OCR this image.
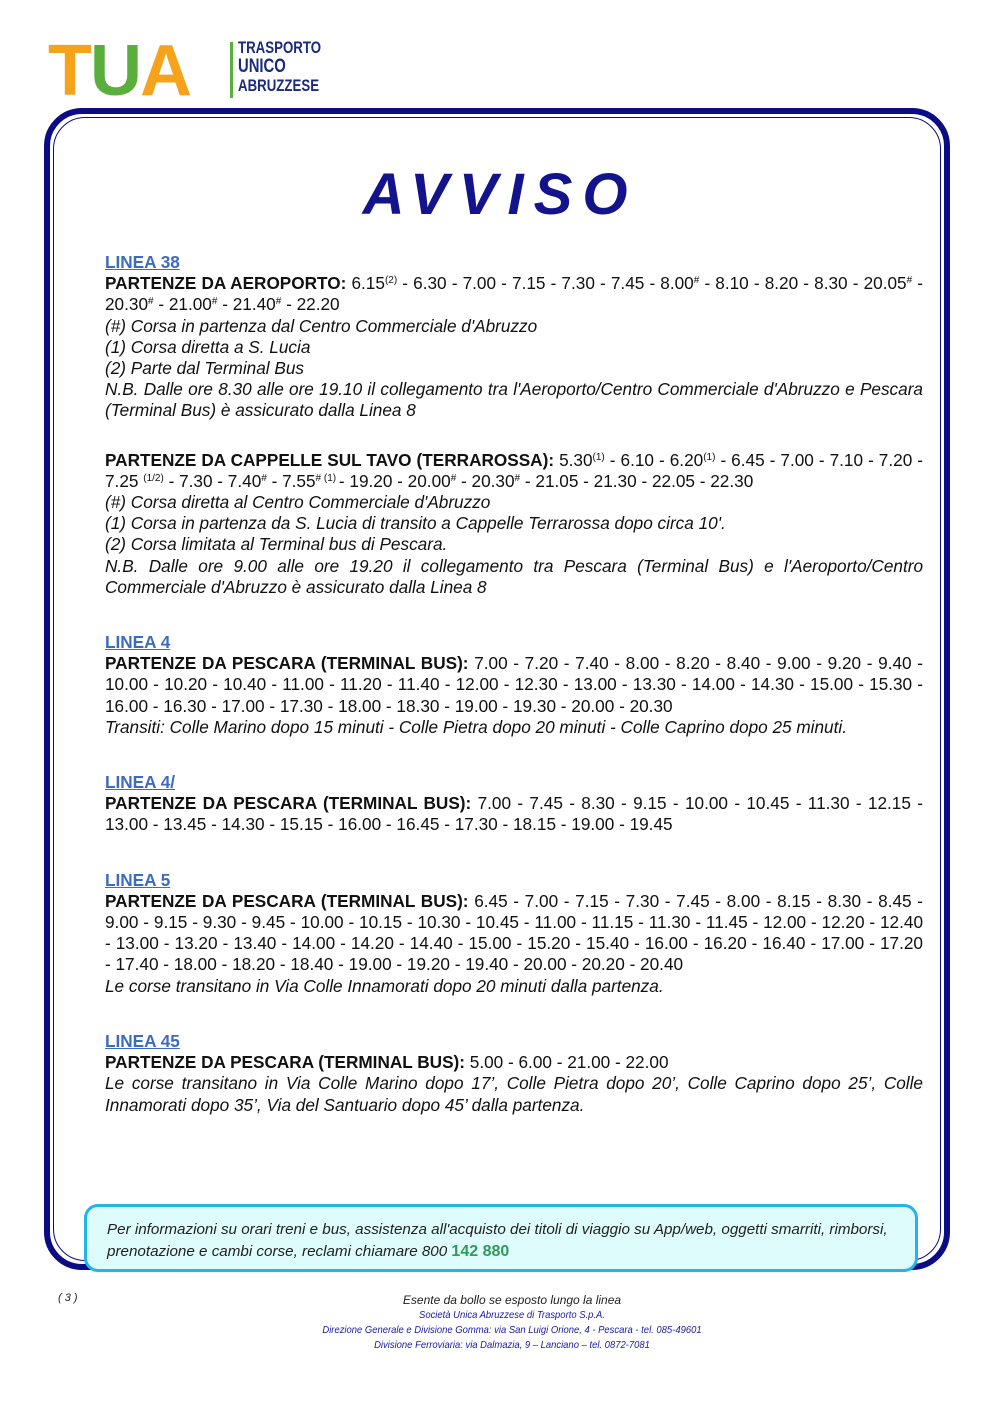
TUA	TRASPORTO
UNICO
ABRUZZESE
AVVISO
LINEA 38
PARTENZE DA AEROPORTO: 6.15$^{(2)}$ - 6.30 - 7.00 - 7.15 - 7.30 - 7.45 - 8.00# - 8.10 - 8.20 - 8.30 - 20.05# - 20.30# - 21.00# - 21.40# - 22.20
(#) Corsa in partenza dal Centro Commerciale d'Abruzzo
(1) Corsa diretta a S. Lucia
(2) Parte dal Terminal Bus
N.B. Dalle ore 8.30 alle ore 19.10 il collegamento tra l'Aeroporto/Centro Commerciale d'Abruzzo e Pescara (Terminal Bus) è assicurato dalla Linea 8
PARTENZE DA CAPPELLE SUL TAVO (TERRAROSSA): 5.30$^{(1)}$ - 6.10 - 6.20$^{(1)}$ - 6.45 - 7.00 - 7.10 - 7.20 - 7.25 $^{(1/2)}$ - 7.30 - 7.40# - 7.55$^{\# (1)}$ - 19.20 - 20.00# - 20.30# - 21.05 - 21.30 - 22.05 - 22.30
(#) Corsa diretta al Centro Commerciale d'Abruzzo
(1) Corsa in partenza da S. Lucia di transito a Cappelle Terrarossa dopo circa 10'.
(2) Corsa limitata al Terminal bus di Pescara.
N.B. Dalle ore 9.00 alle ore 19.20 il collegamento tra Pescara (Terminal Bus) e l'Aeroporto/Centro Commerciale d'Abruzzo è assicurato dalla Linea 8
LINEA 4
PARTENZE DA PESCARA (TERMINAL BUS): 7.00 - 7.20 - 7.40 - 8.00 - 8.20 - 8.40 - 9.00 - 9.20 - 9.40 - 10.00 - 10.20 - 10.40 - 11.00 - 11.20 - 11.40 - 12.00 - 12.30 - 13.00 - 13.30 - 14.00 - 14.30 - 15.00 - 15.30 - 16.00 - 16.30 - 17.00 - 17.30 - 18.00 - 18.30 - 19.00 - 19.30 - 20.00 - 20.30
Transiti: Colle Marino dopo 15 minuti - Colle Pietra dopo 20 minuti - Colle Caprino dopo 25 minuti.
LINEA 4/
PARTENZE DA PESCARA (TERMINAL BUS): 7.00 - 7.45 - 8.30 - 9.15 - 10.00 - 10.45 - 11.30 - 12.15 - 13.00 - 13.45 - 14.30 - 15.15 - 16.00 - 16.45 - 17.30 - 18.15 - 19.00 - 19.45
LINEA 5
PARTENZE DA PESCARA (TERMINAL BUS): 6.45 - 7.00 - 7.15 - 7.30 - 7.45 - 8.00 - 8.15 - 8.30 - 8.45 - 9.00 - 9.15 - 9.30 - 9.45 - 10.00 - 10.15 - 10.30 - 10.45 - 11.00 - 11.15 - 11.30 - 11.45 - 12.00 - 12.20 - 12.40 - 13.00 - 13.20 - 13.40 - 14.00 - 14.20 - 14.40 - 15.00 - 15.20 - 15.40 - 16.00 - 16.20 - 16.40 - 17.00 - 17.20 - 17.40 - 18.00 - 18.20 - 18.40 - 19.00 - 19.20 - 19.40 - 20.00 - 20.20 - 20.40
Le corse transitano in Via Colle Innamorati dopo 20 minuti dalla partenza.
LINEA 45
PARTENZE DA PESCARA (TERMINAL BUS): 5.00 - 6.00 - 21.00 - 22.00
Le corse transitano in Via Colle Marino dopo 17’, Colle Pietra dopo 20’, Colle Caprino dopo 25’, Colle Innamorati dopo 35’, Via del Santuario dopo 45’ dalla partenza.
Per informazioni su orari treni e bus, assistenza all'acquisto dei titoli di viaggio su App/web, oggetti smarriti, rimborsi, prenotazione e cambi corse, reclami chiamare 800 142 880
( 3 )	Esente da bollo se esposto lungo la linea
Società Unica Abruzzese di Trasporto S.p.A.
Direzione Generale e Divisione Gomma: via San Luigi Orione, 4 - Pescara - tel. 085-49601
Divisione Ferroviaria: via Dalmazia, 9 – Lanciano – tel. 0872-7081
